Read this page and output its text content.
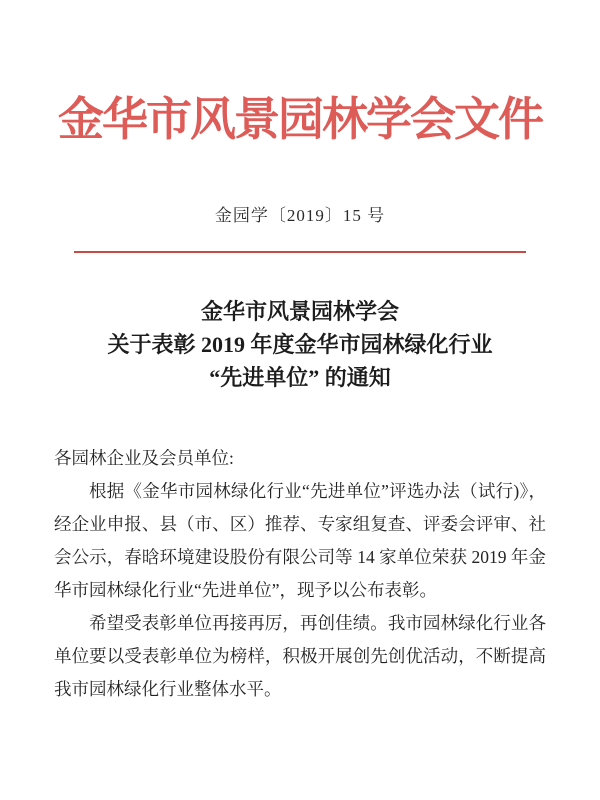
金华市风景园林学会文件
金园学〔2019〕15 号
金华市风景园林学会
关于表彰 2019 年度金华市园林绿化行业
“先进单位” 的通知

各园林企业及会员单位:

根据《金华市园林绿化行业“先进单位”评选办法（试行)》，经企业申报、县（市、区）推荐、专家组复查、评委会评审、社会公示，春晗环境建设股份有限公司等 14 家单位荣获 2019 年金华市园林绿化行业“先进单位”，现予以公布表彰。

希望受表彰单位再接再厉，再创佳绩。我市园林绿化行业各单位要以受表彰单位为榜样，积极开展创先创优活动，不断提高我市园林绿化行业整体水平。
